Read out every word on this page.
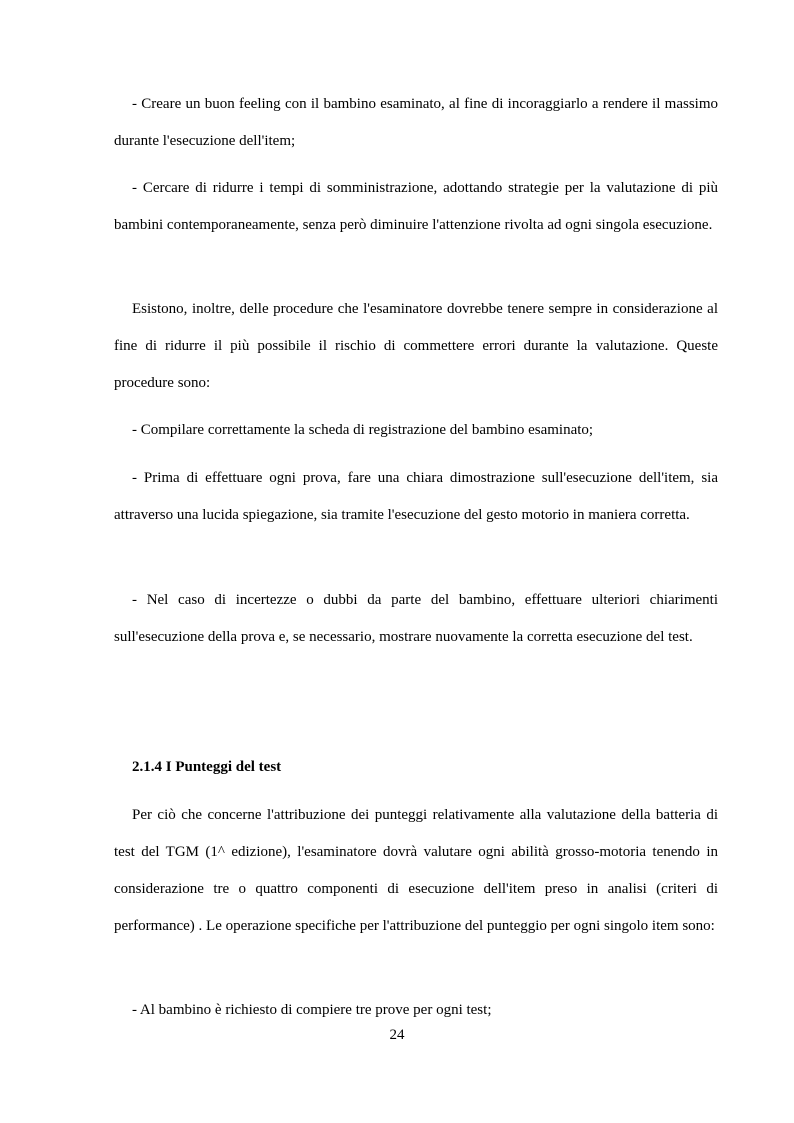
- Creare un buon feeling con il bambino esaminato, al fine di incoraggiarlo a rendere il massimo durante l'esecuzione dell'item;

- Cercare di ridurre i tempi di somministrazione, adottando strategie per la valutazione di più bambini contemporaneamente, senza però diminuire l'attenzione rivolta ad ogni singola esecuzione.

Esistono, inoltre, delle procedure che l'esaminatore dovrebbe tenere sempre in considerazione al fine di ridurre il più possibile il rischio di commettere errori durante la valutazione. Queste procedure sono:

- Compilare correttamente la scheda di registrazione del bambino esaminato;

- Prima di effettuare ogni prova, fare una chiara dimostrazione sull'esecuzione dell'item, sia attraverso una lucida spiegazione, sia tramite l'esecuzione del gesto motorio in maniera corretta.

- Nel caso di incertezze o dubbi da parte del bambino, effettuare ulteriori chiarimenti sull'esecuzione della prova e, se necessario, mostrare nuovamente la corretta esecuzione del test.

2.1.4 I Punteggi del test

Per ciò che concerne l'attribuzione dei punteggi relativamente alla valutazione della batteria di test del TGM (1^ edizione), l'esaminatore dovrà valutare ogni abilità grosso-motoria tenendo in considerazione tre o quattro componenti di esecuzione dell'item preso in analisi (criteri di performance) . Le operazione specifiche per l'attribuzione del punteggio per ogni singolo item sono:

- Al bambino è richiesto di compiere tre prove per ogni test;

24
